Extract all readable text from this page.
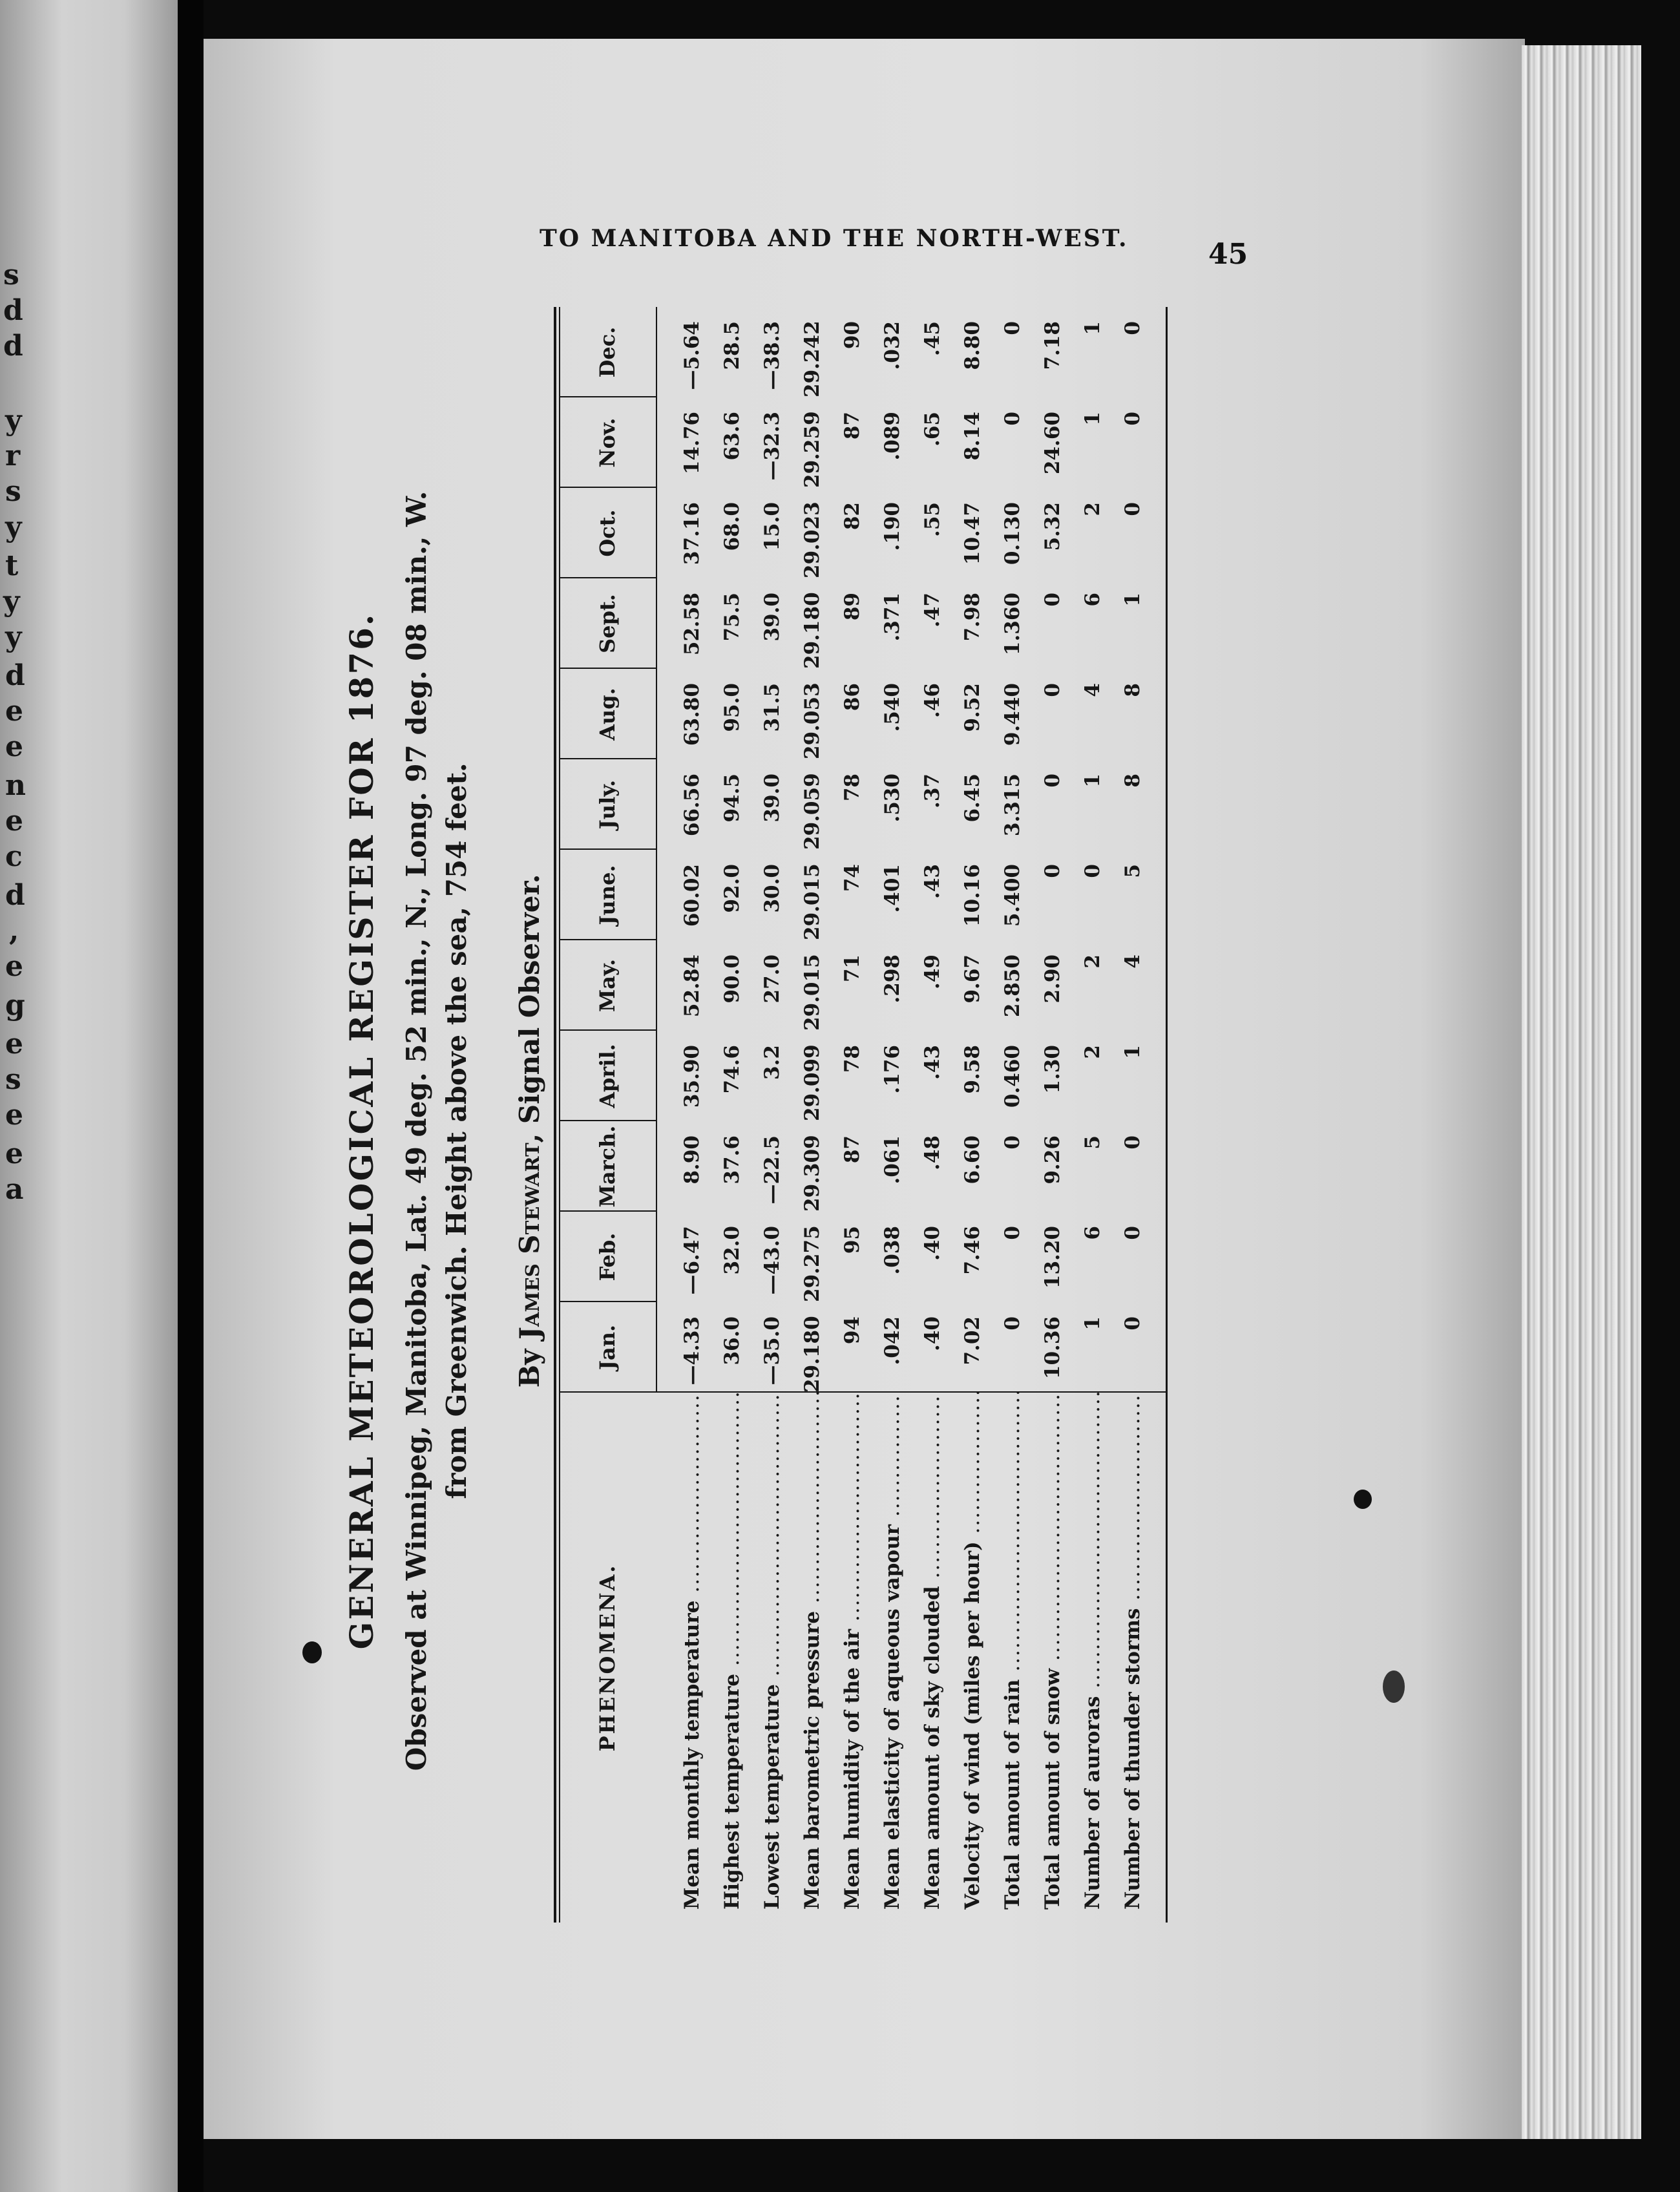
s
d
d
y
r
s
y
t
y
y
d
e
e
n
e
c
d
,
e
g
e
s
e
e
a
TO MANITOBA AND THE NORTH-WEST.	45
GENERAL METEOROLOGICAL REGISTER FOR 1876. Observed at Winnipeg, Manitoba, Lat. 49 deg. 52 min., N., Long. 97 deg. 08 min., W. from Greenwich. Height above the sea, 754 feet. By James Stewart, Signal Observer.
PHENOMENA.
Jan.
Feb.
March.
April.
May.
June.
July.
Aug.
Sept.
Oct.
Nov.
Dec.
Mean monthly temperature .....
—4.33
—6.47
8.90
35.90
52.84
60.02
66.56
63.80
52.58
37.16
14.76
—5.64
Highest temperature .....
36.0
32.0
37.6
74.6
90.0
92.0
94.5
95.0
75.5
68.0
63.6
28.5
Lowest temperature .....
—35.0
—43.0
—22.5
3.2
27.0
30.0
39.0
31.5
39.0
15.0
—32.3
—38.3
Mean barometric pressure .....
29.180
29.275
29.309
29.099
29.015
29.015
29.059
29.053
29.180
29.023
29.259
29.242
Mean humidity of the air .....
94
95
87
78
71
74
78
86
89
82
87
90
Mean elasticity of aqueous vapour .....
.042
.038
.061
.176
.298
.401
.530
.540
.371
.190
.089
.032
Mean amount of sky clouded .....
.40
.40
.48
.43
.49
.43
.37
.46
.47
.55
.65
.45
Velocity of wind (miles per hour) .....
7.02
7.46
6.60
9.58
9.67
10.16
6.45
9.52
7.98
10.47
8.14
8.80
Total amount of rain .....
0
0
0
0.460
2.850
5.400
3.315
9.440
1.360
0.130
0
0
Total amount of snow .....
10.36
13.20
9.26
1.30
2.90
0
0
0
0
5.32
24.60
7.18
Number of auroras .....
1
6
5
2
2
0
1
4
6
2
1
1
Number of thunder storms .....
0
0
0
1
4
5
8
8
1
0
0
0
